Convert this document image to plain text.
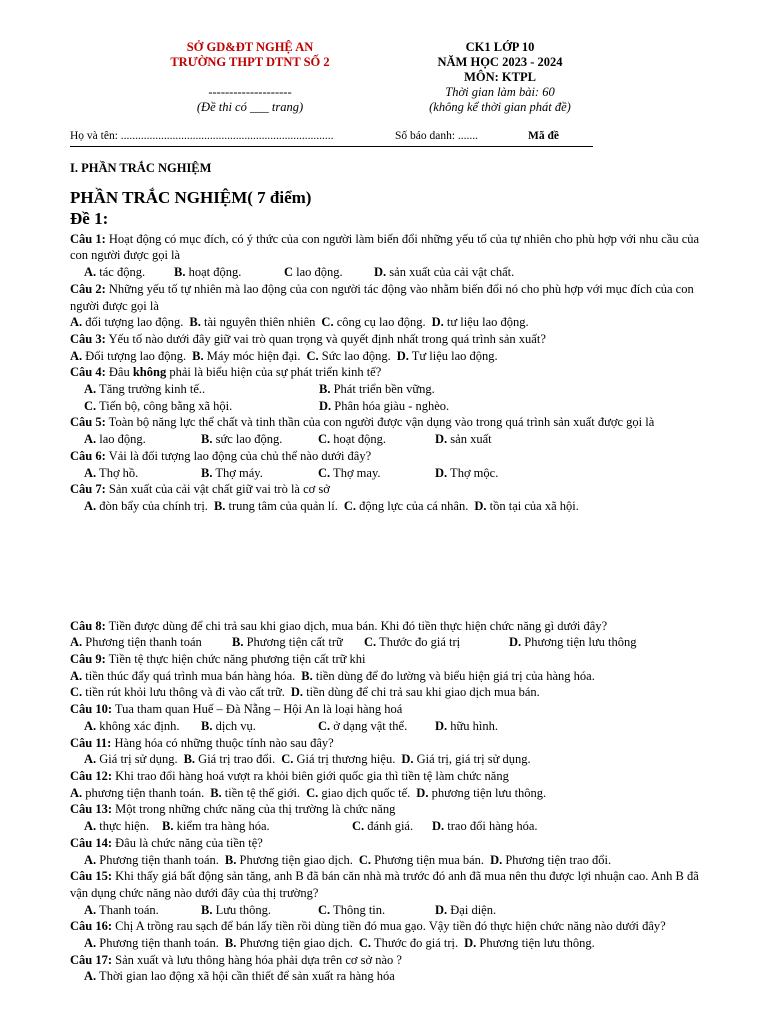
SỞ GD&ĐT NGHỆ AN
TRƯỜNG THPT DTNT SỐ 2
--------------------
(Đề thi có ___ trang)
CK1 LỚP 10
NĂM HỌC 2023 - 2024
MÔN: KTPL
Thời gian làm bài: 60
(không kể thời gian phát đề)
Họ và tên: ..........................................................................	Số báo danh: .......	Mã đề
I. PHẦN TRẮC NGHIỆM
PHẦN TRẮC NGHIỆM( 7 điểm)
Đề 1:
Câu 1: Hoạt động có mục đích, có ý thức của con người làm biến đổi những yếu tố của tự nhiên cho phù hợp với nhu cầu của con người được gọi là
A. tác động.	B. hoạt động.	C lao động.	D. sản xuất của cải vật chất.
Câu 2: Những yếu tố tự nhiên mà lao động của con người tác động vào nhằm biến đổi nó cho phù hợp với mục đích của con người được gọi là
A. đối tượng lao động. B. tài nguyên thiên nhiên C. công cụ lao động. D. tư liệu lao động.
Câu 3: Yếu tố nào dưới đây giữ vai trò quan trọng và quyết định nhất trong quá trình sản xuất?
A. Đối tượng lao động. B. Máy móc hiện đại. C. Sức lao động. D. Tư liệu lao động.
Câu 4: Đâu không phải là biểu hiện của sự phát triển kinh tế?
A. Tăng trưởng kinh tế..	B. Phát triển bền vững.
C. Tiến bộ, công bằng xã hội.	D. Phân hóa giàu - nghèo.
Câu 5: Toàn bộ năng lực thể chất và tinh thần của con người được vận dụng vào trong quá trình sản xuất được gọi là
A. lao động.	B. sức lao động.	C. hoạt động.	D. sản xuất
Câu 6: Vải là đối tượng lao động của chủ thể nào dưới đây?
A. Thợ hồ.	B. Thợ máy.	C. Thợ may.	D. Thợ mộc.
Câu 7: Sản xuất của cải vật chất giữ vai trò là cơ sở
A. đòn bẩy của chính trị. B. trung tâm của quản lí. C. động lực của cá nhân. D. tồn tại của xã hội.
Câu 8: Tiền được dùng để chi trả sau khi giao dịch, mua bán. Khi đó tiền thực hiện chức năng gì dưới đây?
A. Phương tiện thanh toán	B. Phương tiện cất trữ	C. Thước đo giá trị	D. Phương tiện lưu thông
Câu 9: Tiền tệ thực hiện chức năng phương tiện cất trữ khi
A. tiền thúc đẩy quá trình mua bán hàng hóa. B. tiền dùng để đo lường và biểu hiện giá trị của hàng hóa.
C. tiền rút khỏi lưu thông và đi vào cất trữ. D. tiền dùng để chi trả sau khi giao dịch mua bán.
Câu 10: Tua tham quan Huế – Đà Nẵng – Hội An là loại hàng hoá
A. không xác định.	B. dịch vụ.	C. ở dạng vật thể.	D. hữu hình.
Câu 11: Hàng hóa có những thuộc tính nào sau đây?
A. Giá trị sử dụng. B. Giá trị trao đổi. C. Giá trị thương hiệu. D. Giá trị, giá trị sử dụng.
Câu 12: Khi trao đổi hàng hoá vượt ra khỏi biên giới quốc gia thì tiền tệ làm chức năng
A. phương tiện thanh toán. B. tiền tệ thế giới. C. giao dịch quốc tế. D. phương tiện lưu thông.
Câu 13: Một trong những chức năng của thị trường là chức năng
A. thực hiện.	B. kiểm tra hàng hóa.	C. đánh giá.	D. trao đổi hàng hóa.
Câu 14: Đâu là chức năng của tiền tệ?
A. Phương tiện thanh toán. B. Phương tiện giao dịch. C. Phương tiện mua bán. D. Phương tiện trao đổi.
Câu 15: Khi thấy giá bất động sản tăng, anh B đã bán căn nhà mà trước đó anh đã mua nên thu được lợi nhuận cao. Anh B đã vận dụng chức năng nào dưới đây của thị trường?
A. Thanh toán.	B. Lưu thông.	C. Thông tin.	D. Đại diện.
Câu 16: Chị A trồng rau sạch để bán lấy tiền rồi dùng tiền đó mua gạo. Vậy tiền đó thực hiện chức năng nào dưới đây?
A. Phương tiện thanh toán. B. Phương tiện giao dịch. C. Thước đo giá trị. D. Phương tiện lưu thông.
Câu 17: Sản xuất và lưu thông hàng hóa phải dựa trên cơ sở nào ?
A. Thời gian lao động xã hội cần thiết để sản xuất ra hàng hóa
